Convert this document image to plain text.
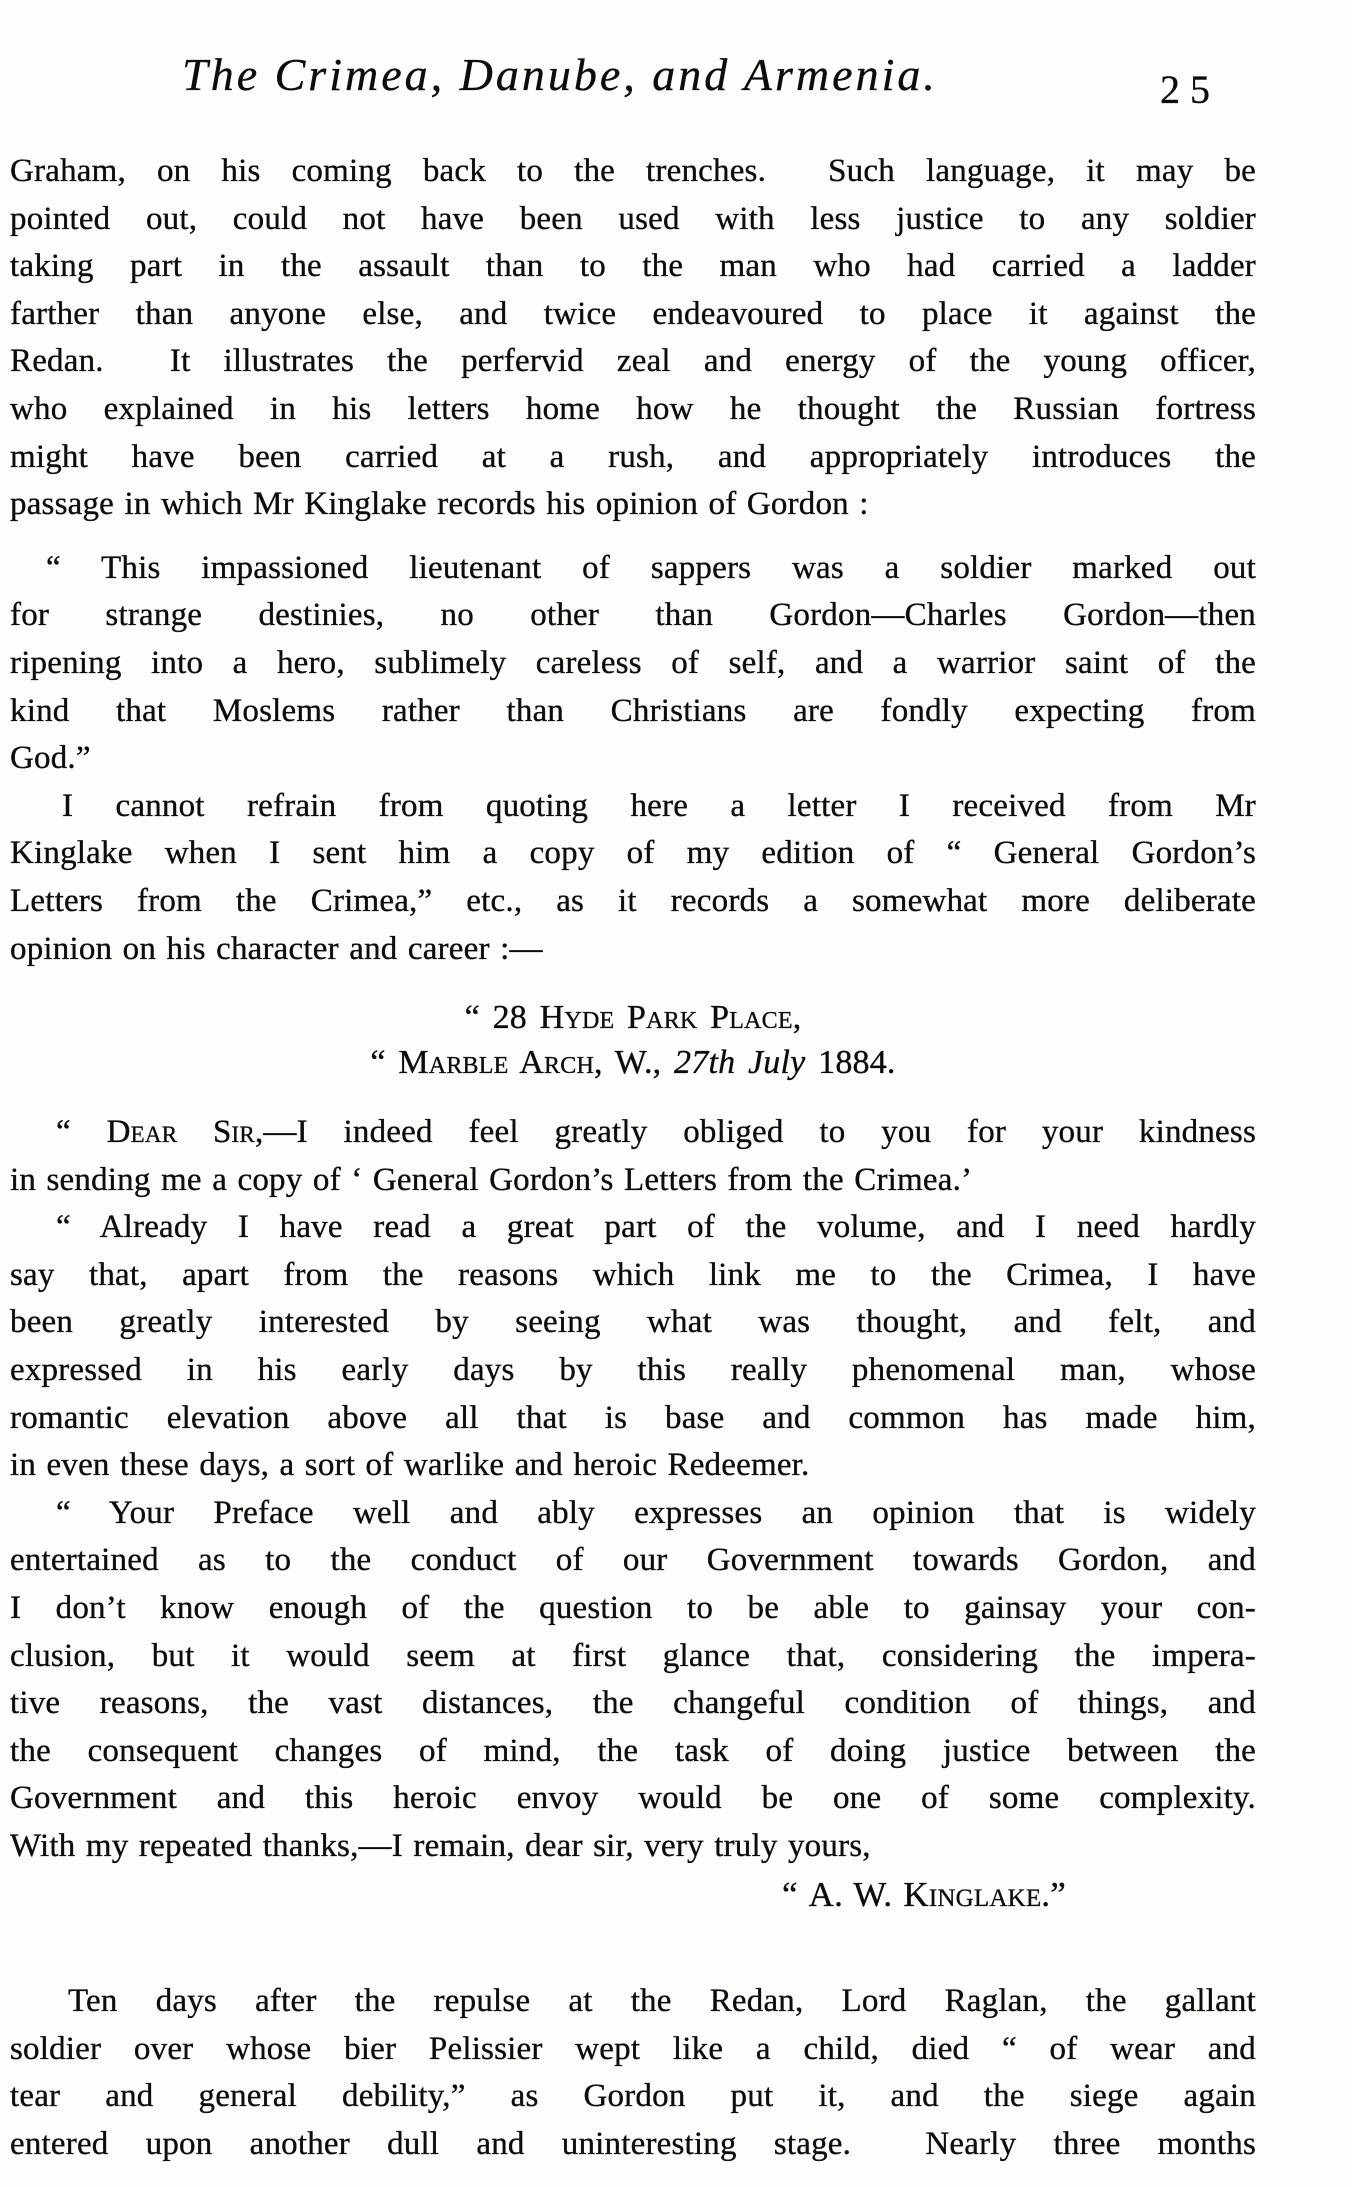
The Crimea, Danube, and Armenia.	25
Graham, on his coming back to the trenches.  Such language, it may be
pointed out, could not have been used with less justice to any soldier
taking part in the assault than to the man who had carried a ladder
farther than anyone else, and twice endeavoured to place it against the
Redan.  It illustrates the perfervid zeal and energy of the young officer,
who explained in his letters home how he thought the Russian fortress
might have been carried at a rush, and appropriately introduces the
passage in which Mr Kinglake records his opinion of Gordon :
“ This impassioned lieutenant of sappers was a soldier marked out
for strange destinies, no other than Gordon—Charles Gordon—then
ripening into a hero, sublimely careless of self, and a warrior saint of the
kind that Moslems rather than Christians are fondly expecting from
God.”
I cannot refrain from quoting here a letter I received from Mr
Kinglake when I sent him a copy of my edition of “ General Gordon’s
Letters from the Crimea,” etc., as it records a somewhat more deliberate
opinion on his character and career :—
“ 28 Hyde Park Place,
“ Marble Arch, W., 27th July 1884.
“ Dear Sir,—I indeed feel greatly obliged to you for your kindness
in sending me a copy of ‘ General Gordon’s Letters from the Crimea.’
“ Already I have read a great part of the volume, and I need hardly
say that, apart from the reasons which link me to the Crimea, I have
been greatly interested by seeing what was thought, and felt, and
expressed in his early days by this really phenomenal man, whose
romantic elevation above all that is base and common has made him,
in even these days, a sort of warlike and heroic Redeemer.
“ Your Preface well and ably expresses an opinion that is widely
entertained as to the conduct of our Government towards Gordon, and
I don’t know enough of the question to be able to gainsay your con-
clusion, but it would seem at first glance that, considering the impera-
tive reasons, the vast distances, the changeful condition of things, and
the consequent changes of mind, the task of doing justice between the
Government and this heroic envoy would be one of some complexity.
With my repeated thanks,—I remain, dear sir, very truly yours,
“ A. W. Kinglake.”
Ten days after the repulse at the Redan, Lord Raglan, the gallant
soldier over whose bier Pelissier wept like a child, died “ of wear and
tear and general debility,” as Gordon put it, and the siege again
entered upon another dull and uninteresting stage.  Nearly three months
